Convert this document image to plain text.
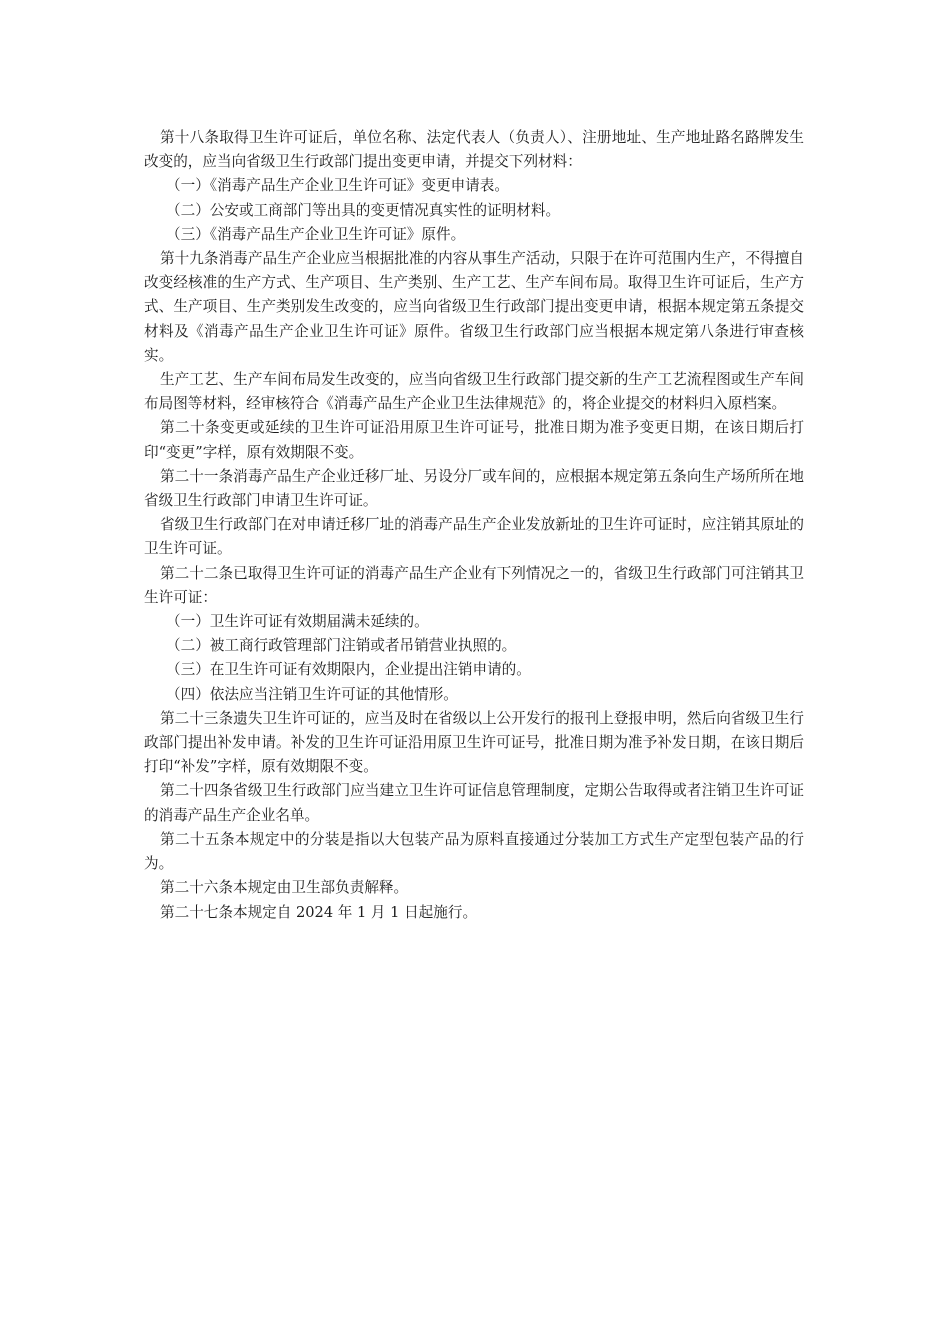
第十八条取得卫生许可证后，单位名称、法定代表人（负责人）、注册地址、生产地址路名路牌发生改变的，应当向省级卫生行政部门提出变更申请，并提交下列材料：

（一）《消毒产品生产企业卫生许可证》变更申请表。

（二）公安或工商部门等出具的变更情况真实性的证明材料。

（三）《消毒产品生产企业卫生许可证》原件。

第十九条消毒产品生产企业应当根据批准的内容从事生产活动，只限于在许可范围内生产，不得擅自改变经核准的生产方式、生产项目、生产类别、生产工艺、生产车间布局。取得卫生许可证后，生产方式、生产项目、生产类别发生改变的，应当向省级卫生行政部门提出变更申请，根据本规定第五条提交材料及《消毒产品生产企业卫生许可证》原件。省级卫生行政部门应当根据本规定第八条进行审查核实。

生产工艺、生产车间布局发生改变的，应当向省级卫生行政部门提交新的生产工艺流程图或生产车间布局图等材料，经审核符合《消毒产品生产企业卫生法律规范》的，将企业提交的材料归入原档案。

第二十条变更或延续的卫生许可证沿用原卫生许可证号，批准日期为准予变更日期，在该日期后打印“变更”字样，原有效期限不变。

第二十一条消毒产品生产企业迁移厂址、另设分厂或车间的，应根据本规定第五条向生产场所所在地省级卫生行政部门申请卫生许可证。

省级卫生行政部门在对申请迁移厂址的消毒产品生产企业发放新址的卫生许可证时，应注销其原址的卫生许可证。

第二十二条已取得卫生许可证的消毒产品生产企业有下列情况之一的，省级卫生行政部门可注销其卫生许可证：

（一）卫生许可证有效期届满未延续的。

（二）被工商行政管理部门注销或者吊销营业执照的。

（三）在卫生许可证有效期限内，企业提出注销申请的。

（四）依法应当注销卫生许可证的其他情形。

第二十三条遗失卫生许可证的，应当及时在省级以上公开发行的报刊上登报申明，然后向省级卫生行政部门提出补发申请。补发的卫生许可证沿用原卫生许可证号，批准日期为准予补发日期，在该日期后打印“补发”字样，原有效期限不变。

第二十四条省级卫生行政部门应当建立卫生许可证信息管理制度，定期公告取得或者注销卫生许可证的消毒产品生产企业名单。

第二十五条本规定中的分装是指以大包装产品为原料直接通过分装加工方式生产定型包装产品的行为。

第二十六条本规定由卫生部负责解释。

第二十七条本规定自 2024 年 1 月 1 日起施行。
